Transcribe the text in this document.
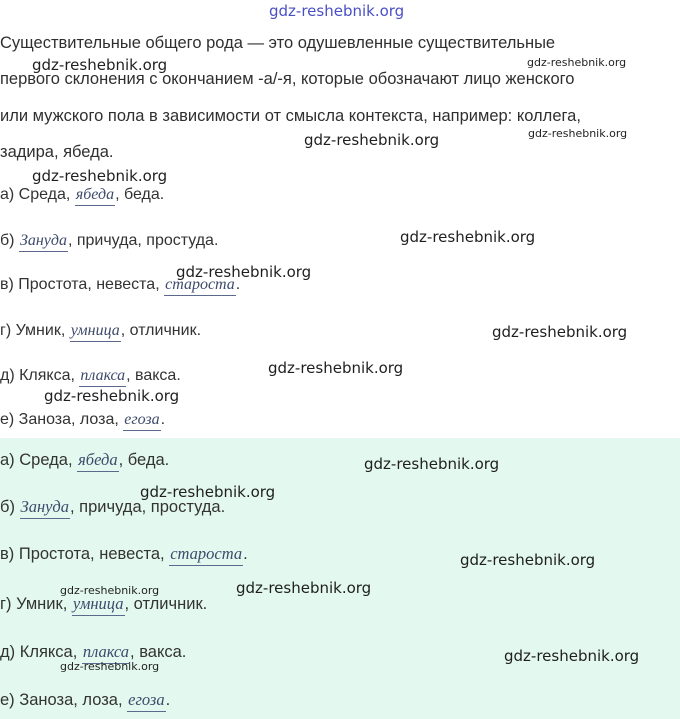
gdz-reshebnik.org
Существительные общего рода — это одушевленные существительные
первого склонения с окончанием -а/-я, которые обозначают лицо женского
или мужского пола в зависимости от смысла контекста, например: коллега,
задира, ябеда.
а) Среда, ябеда, беда.
б) Зануда, причуда, простуда.
в) Простота, невеста, староста.
г) Умник, умница, отличник.
д) Клякса, плакса, вакса.
е) Заноза, лоза, егоза.
а) Среда, ябеда, беда.
б) Зануда, причуда, простуда.
в) Простота, невеста, староста.
г) Умник, умница, отличник.
д) Клякса, плакса, вакса.
е) Заноза, лоза, егоза.
gdz-reshebnik.org	gdz-reshebnik.org
gdz-reshebnik.org	gdz-reshebnik.org
gdz-reshebnik.org
gdz-reshebnik.org
gdz-reshebnik.org
gdz-reshebnik.org
gdz-reshebnik.org
gdz-reshebnik.org
gdz-reshebnik.org
gdz-reshebnik.org
gdz-reshebnik.org
gdz-reshebnik.org	gdz-reshebnik.org
gdz-reshebnik.org
gdz-reshebnik.org
